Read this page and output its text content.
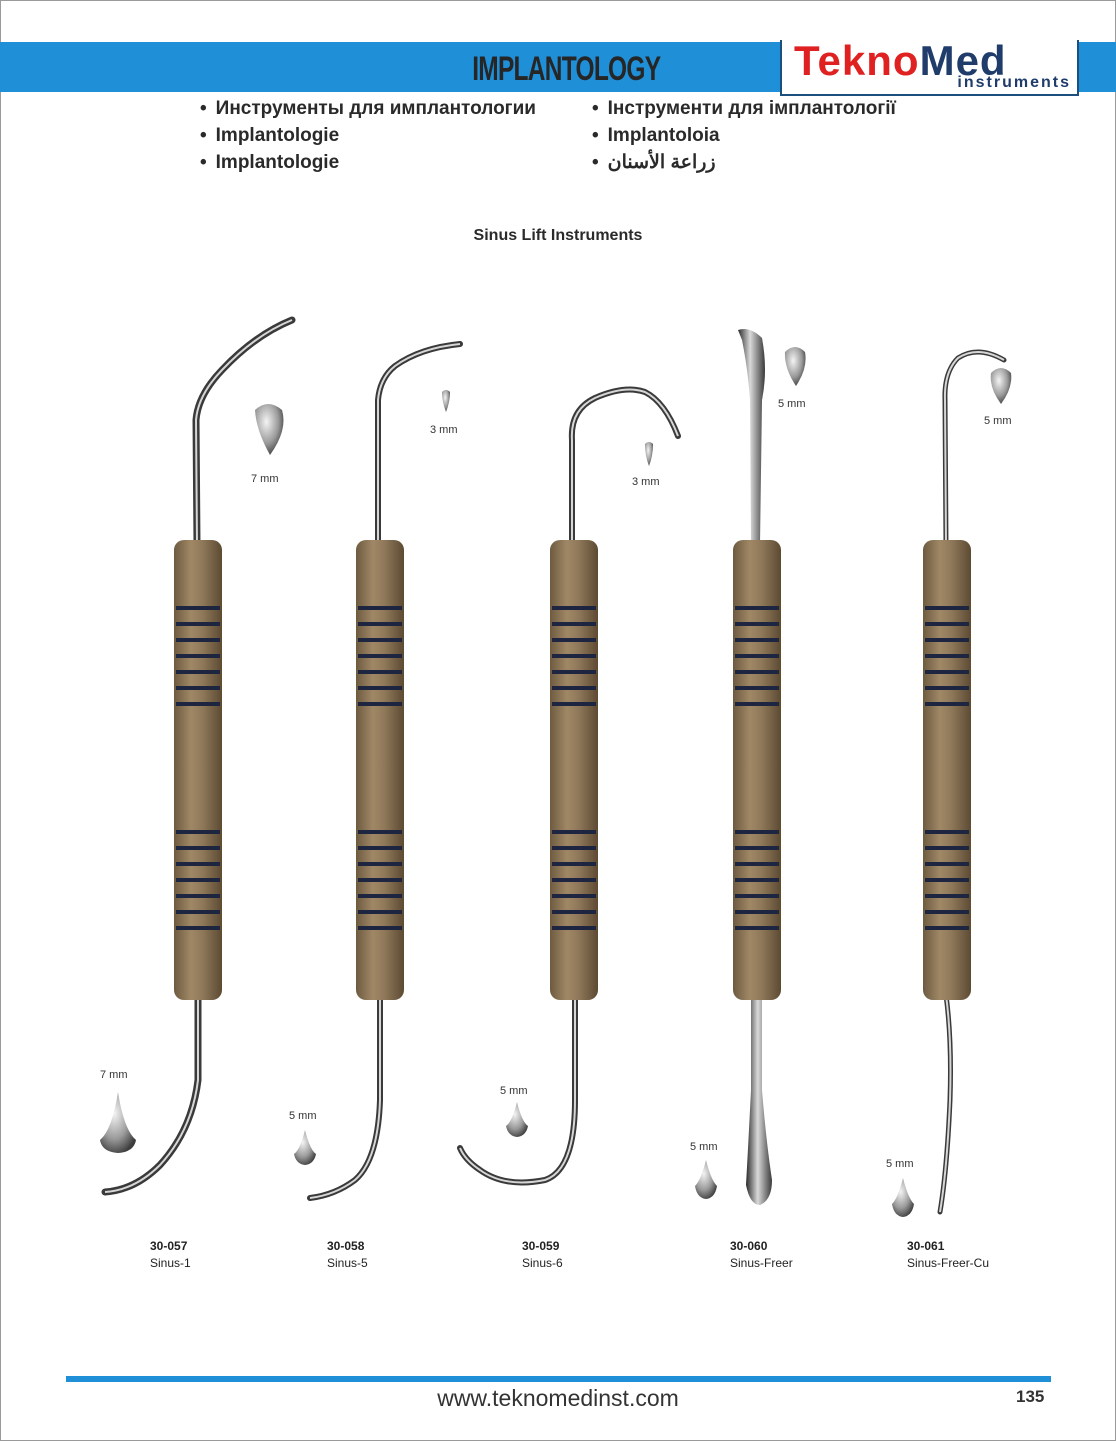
IMPLANTOLOGY	TeknoMed
instruments
• Инструменты для имплантологии
• Implantologie
• Implantologie
• Інструменти для імплантології
• Implantoloia
• زراعة الأسنان
Sinus Lift Instruments
7 mm
7 mm
3 mm
5 mm
3 mm
5 mm
5 mm
5 mm
5 mm
5 mm
30-057
Sinus-1
30-058
Sinus-5
30-059
Sinus-6
30-060
Sinus-Freer
30-061
Sinus-Freer-Cu
www.teknomedinst.com	135
